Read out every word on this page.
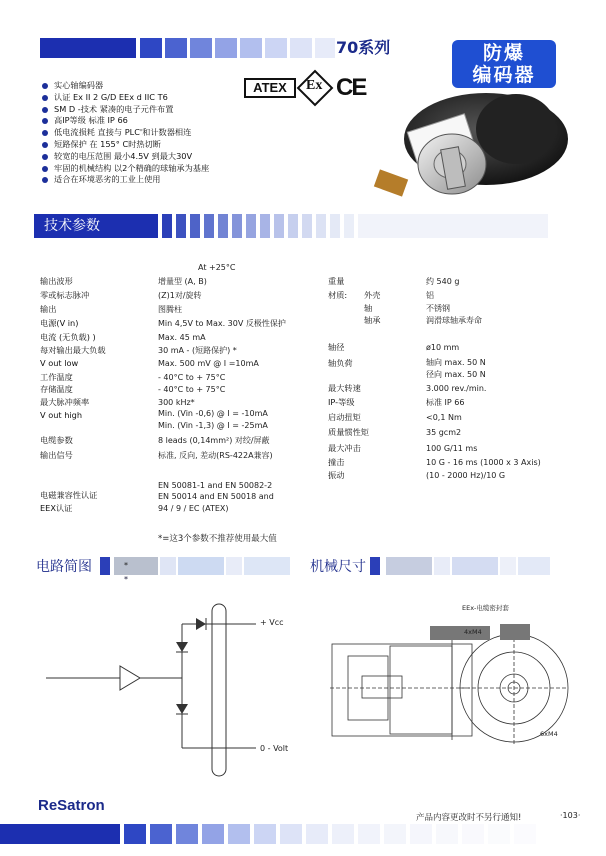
70系列	防爆
编码器
ATEX	Ex CE
实心轴编码器
认证 Ex II 2 G/D EEx d IIC T6
SM D -技术 紧凑的电子元件布置
高IP等级 标准 IP 66
低电流损耗 直接与 PLC'和计数器相连
短路保护 在 155° C时热切断
较宽的电压范围 最小4.5V 到最大30V
牢固的机械结构 以2个精确的球轴承为基座
适合在环境恶劣的工业上使用
技术参数
At +25°C
输出波形	增量型 (A, B)
零或标志脉冲	(Z)1对/旋转
输出	图腾柱
电源(V in)	Min 4,5V to Max. 30V 反极性保护
电流 (无负载) )	Max. 45 mA
每对输出最大负载	30 mA - (短路保护) *
V out low	Max. 500 mV @ I =10mA
工作温度	- 40°C to + 75°C
存储温度	- 40°C to + 75°C
最大脉冲频率	300 kHz*
V out high	Min. (Vin -0,6) @ I = -10mA
Min. (Vin -1,3) @ I = -25mA
电缆参数	8 leads (0,14mm²) 对绞/屏蔽
输出信号	标准, 反向, 差动(RS-422A兼容)
EN 50081-1 and EN 50082-2
电磁兼容性认证	EN 50014 and EN 50018 and
EEX认证	94 / 9 / EC (ATEX)
*=这3个参数不推荐使用最大值
重量	约 540 g
材质: 外壳	铝
轴	不锈钢
轴承	润滑球轴承寿命
轴径	ø10 mm
轴负荷	轴向 max. 50 N
径向 max. 50 N
最大转速	3.000 rev./min.
IP-等级	标准 IP 66
启动扭矩	<0,1 Nm
质量惯性矩	35 gcm2
最大冲击	100 G/11 ms
撞击	10 G - 16 ms (1000 x 3 Axis)
振动	(10 - 2000 Hz)/10 G
电路简图	*
*
机械尺寸
+ Vcc
0 - Volt
EEx-电缆密封套
4xM4
6xM4
ReSatron
产品内容更改时不另行通知!	·103·
